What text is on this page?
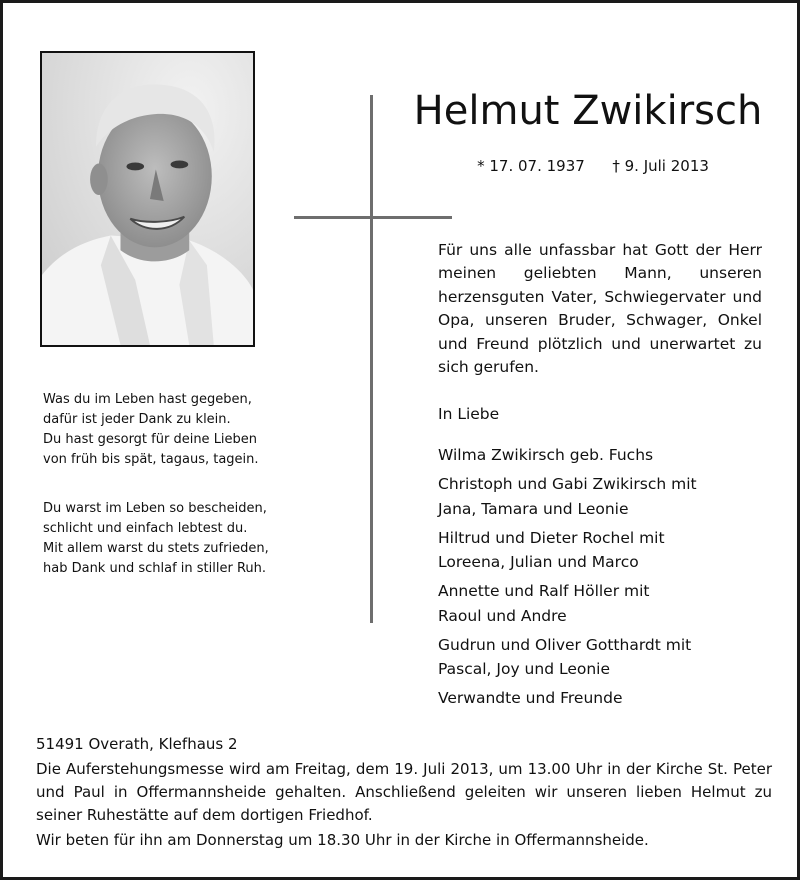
Helmut Zwikirsch
* 17. 07. 1937 † 9. Juli 2013
Für uns alle unfassbar hat Gott der Herr meinen geliebten Mann, unseren herzensguten Vater, Schwiegervater und Opa, unseren Bruder, Schwager, Onkel und Freund plötzlich und unerwartet zu sich gerufen.
In Liebe
Wilma Zwikirsch geb. Fuchs
Christoph und Gabi Zwikirsch mit
Jana, Tamara und Leonie
Hiltrud und Dieter Rochel mit
Loreena, Julian und Marco
Annette und Ralf Höller mit
Raoul und Andre
Gudrun und Oliver Gotthardt mit
Pascal, Joy und Leonie
Verwandte und Freunde
Was du im Leben hast gegeben,
dafür ist jeder Dank zu klein.
Du hast gesorgt für deine Lieben
von früh bis spät, tagaus, tagein.
Du warst im Leben so bescheiden,
schlicht und einfach lebtest du.
Mit allem warst du stets zufrieden,
hab Dank und schlaf in stiller Ruh.
51491 Overath, Klefhaus 2
Die Auferstehungsmesse wird am Freitag, dem 19. Juli 2013, um 13.00 Uhr in der Kirche St. Peter und Paul in Offermannsheide gehalten. Anschließend geleiten wir unseren lieben Helmut zu seiner Ruhestätte auf dem dortigen Friedhof.
Wir beten für ihn am Donnerstag um 18.30 Uhr in der Kirche in Offermannsheide.
